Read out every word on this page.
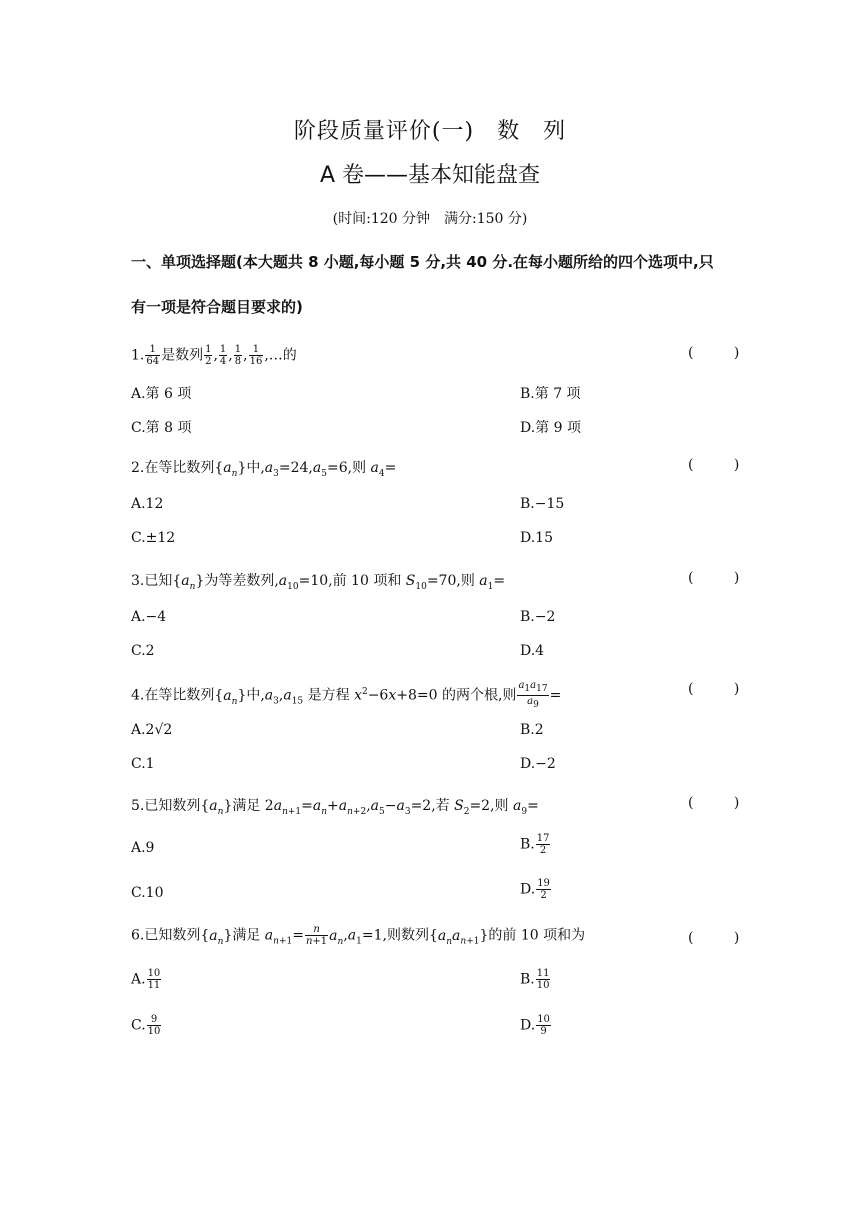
阶段质量评价(一)　数　列
A 卷——基本知能盘查
(时间:120 分钟　满分:150 分)
一、单项选择题(本大题共 8 小题,每小题 5 分,共 40 分.在每小题所给的四个选项中,只
有一项是符合题目要求的)
1. $\frac{1}{64}$ 是数列 $\frac{1}{2}$ , $\frac{1}{4}$ , $\frac{1}{8}$ , $\frac{1}{16}$ ,…的	( )
A.第 6 项	B.第 7 项
C.第 8 项	D.第 9 项
2.在等比数列$\{a_n\}$中$,a_3=24,a_5=6$,则 $a_4=$	( )
A.12	B.−15
C.±12	D.15
3.已知$\{a_n\}$为等差数列$,a_{10}=10$,前 10 项和 $S_{10}=70$,则 $a_1=$	( )
A.−4	B.−2
C.2	D.4
4.在等比数列$\{a_n\}$中$,a_3,a_{15}$ 是方程 $x^2-6x+8=0$ 的两个根,则 $\frac{a_1a_{17}}{a_9}$ =	( )
A.2√2	B.2
C.1	D.−2
5.已知数列$\{a_n\}$满足 $2a_{n+1}=a_n+a_{n+2},a_5-a_3=2$,若 $S_2=2$,则 $a_9=$	( )
A.9	B. $\frac{17}{2}$
C.10	D. $\frac{19}{2}$
6.已知数列$\{a_n\}$满足 $a_{n+1}= \frac{n}{n+1} a_n,a_1=1$,则数列$\{a_na_{n+1}\}$的前 10 项和为	( )
A. $\frac{10}{11}$	B. $\frac{11}{10}$
C. $\frac{9}{10}$	D. $\frac{10}{9}$
